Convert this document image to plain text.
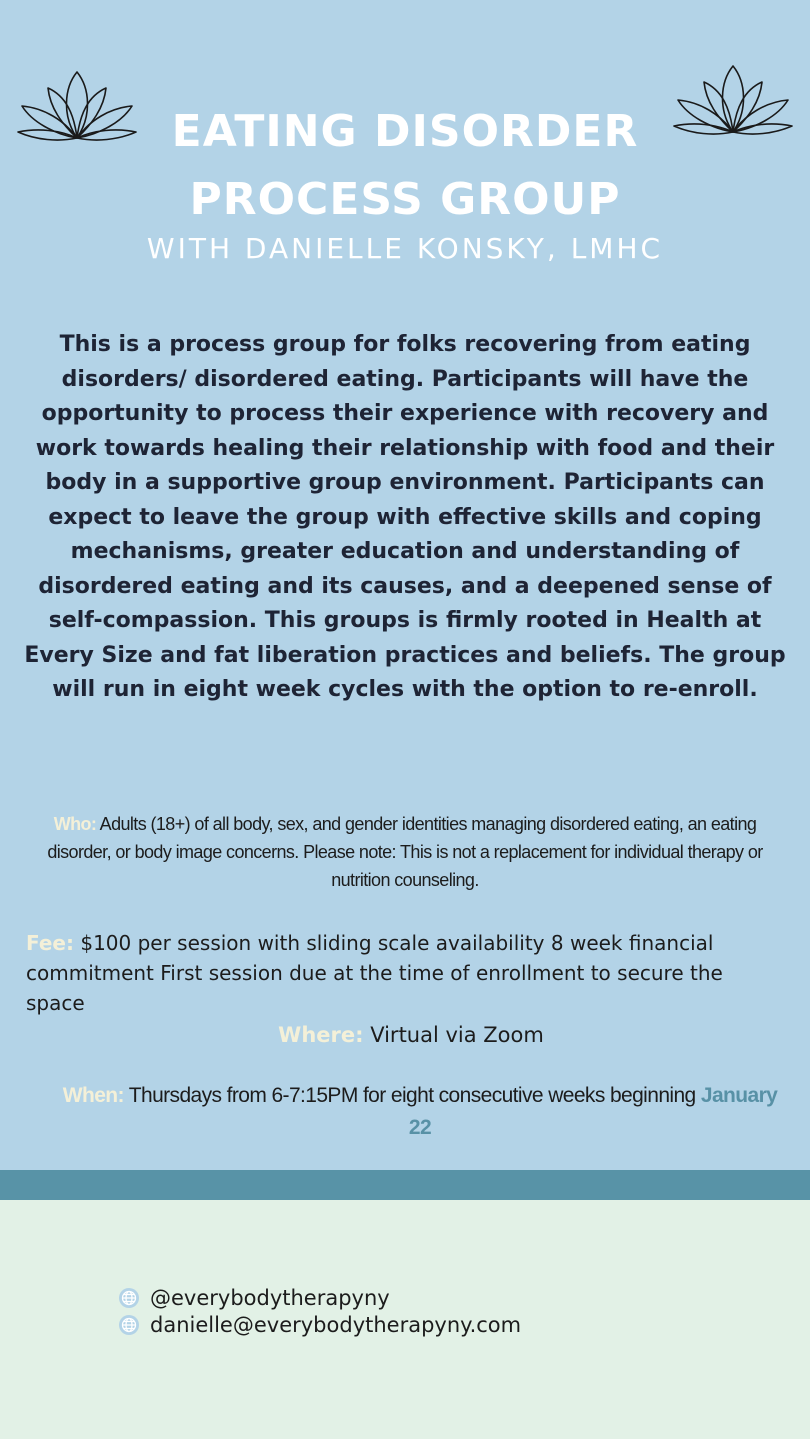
EATING DISORDER
PROCESS GROUP
WITH DANIELLE KONSKY, LMHC

This is a process group for folks recovering from eating disorders/ disordered eating. Participants will have the opportunity to process their experience with recovery and work towards healing their relationship with food and their body in a supportive group environment. Participants can expect to leave the group with effective skills and coping mechanisms, greater education and understanding of disordered eating and its causes, and a deepened sense of self-compassion. This groups is firmly rooted in Health at Every Size and fat liberation practices and beliefs. The group will run in eight week cycles with the option to re-enroll.

Who: Adults (18+) of all body, sex, and gender identities managing disordered eating, an eating disorder, or body image concerns. Please note: This is not a replacement for individual therapy or nutrition counseling.
Fee: $100 per session with sliding scale availability 8 week financial commitment First session due at the time of enrollment to secure the space
Where: Virtual via Zoom
When: Thursdays from 6-7:15PM for eight consecutive weeks beginning January 22
@everybodytherapyny
danielle@everybodytherapyny.com
